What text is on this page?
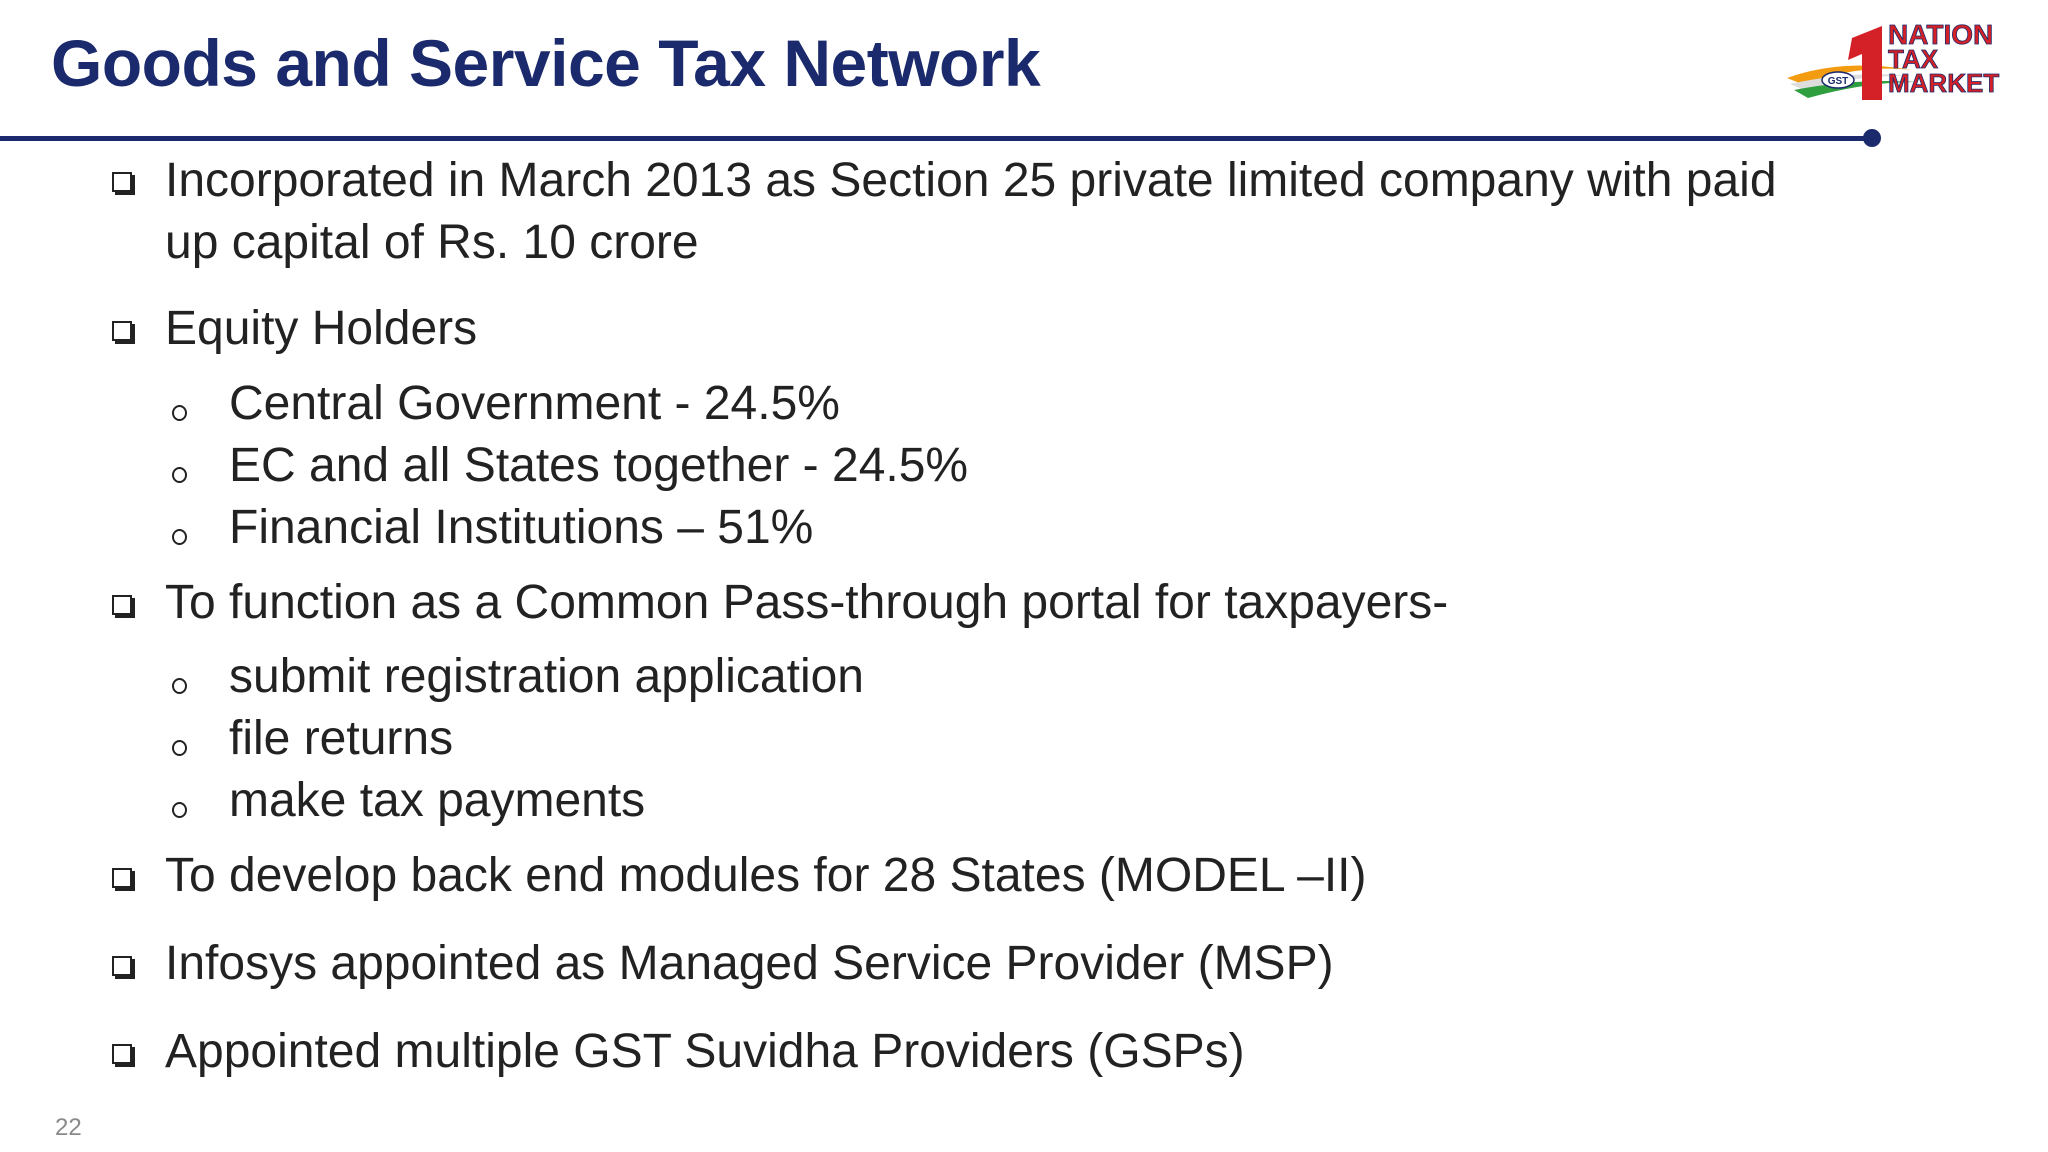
Goods and Service Tax Network	GST
NATION
TAX
MARKET
Incorporated in March 2013 as Section 25 private limited company with paid
up capital of Rs. 10 crore
Equity Holders
Central Government - 24.5%
EC and all States together - 24.5%
Financial Institutions – 51%
To function as a Common Pass-through portal for taxpayers-
submit registration application
file returns
make tax payments
To develop back end modules for 28 States (MODEL –II)
Infosys appointed as Managed Service Provider (MSP)
Appointed multiple GST Suvidha Providers (GSPs)
22
